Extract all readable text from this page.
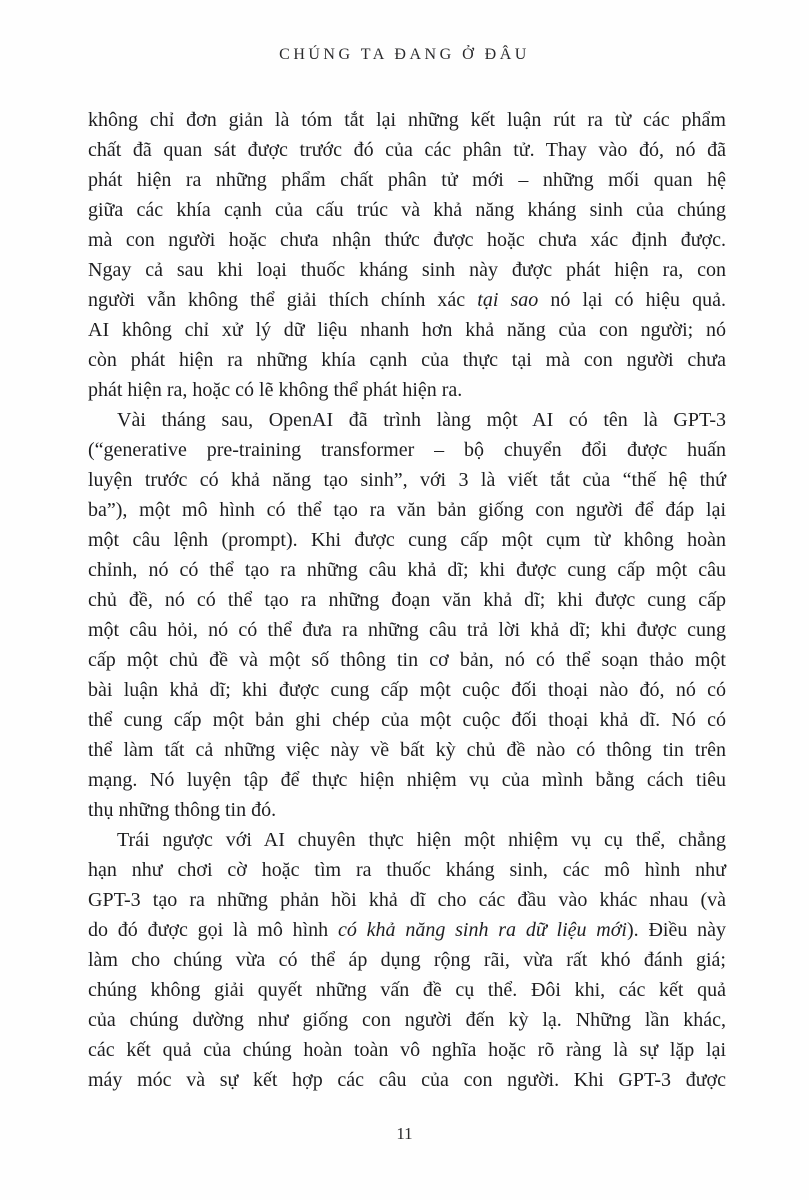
CHÚNG TA ĐANG Ở ĐÂU
không chỉ đơn giản là tóm tắt lại những kết luận rút ra từ các phẩm
chất đã quan sát được trước đó của các phân tử. Thay vào đó, nó đã
phát hiện ra những phẩm chất phân tử mới – những mối quan hệ
giữa các khía cạnh của cấu trúc và khả năng kháng sinh của chúng
mà con người hoặc chưa nhận thức được hoặc chưa xác định được.
Ngay cả sau khi loại thuốc kháng sinh này được phát hiện ra, con
người vẫn không thể giải thích chính xác tại sao nó lại có hiệu quả.
AI không chỉ xử lý dữ liệu nhanh hơn khả năng của con người; nó
còn phát hiện ra những khía cạnh của thực tại mà con người chưa
phát hiện ra, hoặc có lẽ không thể phát hiện ra.
Vài tháng sau, OpenAI đã trình làng một AI có tên là GPT-3
(“generative pre-training transformer – bộ chuyển đổi được huấn
luyện trước có khả năng tạo sinh”, với 3 là viết tắt của “thế hệ thứ
ba”), một mô hình có thể tạo ra văn bản giống con người để đáp lại
một câu lệnh (prompt). Khi được cung cấp một cụm từ không hoàn
chỉnh, nó có thể tạo ra những câu khả dĩ; khi được cung cấp một câu
chủ đề, nó có thể tạo ra những đoạn văn khả dĩ; khi được cung cấp
một câu hỏi, nó có thể đưa ra những câu trả lời khả dĩ; khi được cung
cấp một chủ đề và một số thông tin cơ bản, nó có thể soạn thảo một
bài luận khả dĩ; khi được cung cấp một cuộc đối thoại nào đó, nó có
thể cung cấp một bản ghi chép của một cuộc đối thoại khả dĩ. Nó có
thể làm tất cả những việc này về bất kỳ chủ đề nào có thông tin trên
mạng. Nó luyện tập để thực hiện nhiệm vụ của mình bằng cách tiêu
thụ những thông tin đó.
Trái ngược với AI chuyên thực hiện một nhiệm vụ cụ thể, chẳng
hạn như chơi cờ hoặc tìm ra thuốc kháng sinh, các mô hình như
GPT-3 tạo ra những phản hồi khả dĩ cho các đầu vào khác nhau (và
do đó được gọi là mô hình có khả năng sinh ra dữ liệu mới). Điều này
làm cho chúng vừa có thể áp dụng rộng rãi, vừa rất khó đánh giá;
chúng không giải quyết những vấn đề cụ thể. Đôi khi, các kết quả
của chúng dường như giống con người đến kỳ lạ. Những lần khác,
các kết quả của chúng hoàn toàn vô nghĩa hoặc rõ ràng là sự lặp lại
máy móc và sự kết hợp các câu của con người. Khi GPT-3 được
11
